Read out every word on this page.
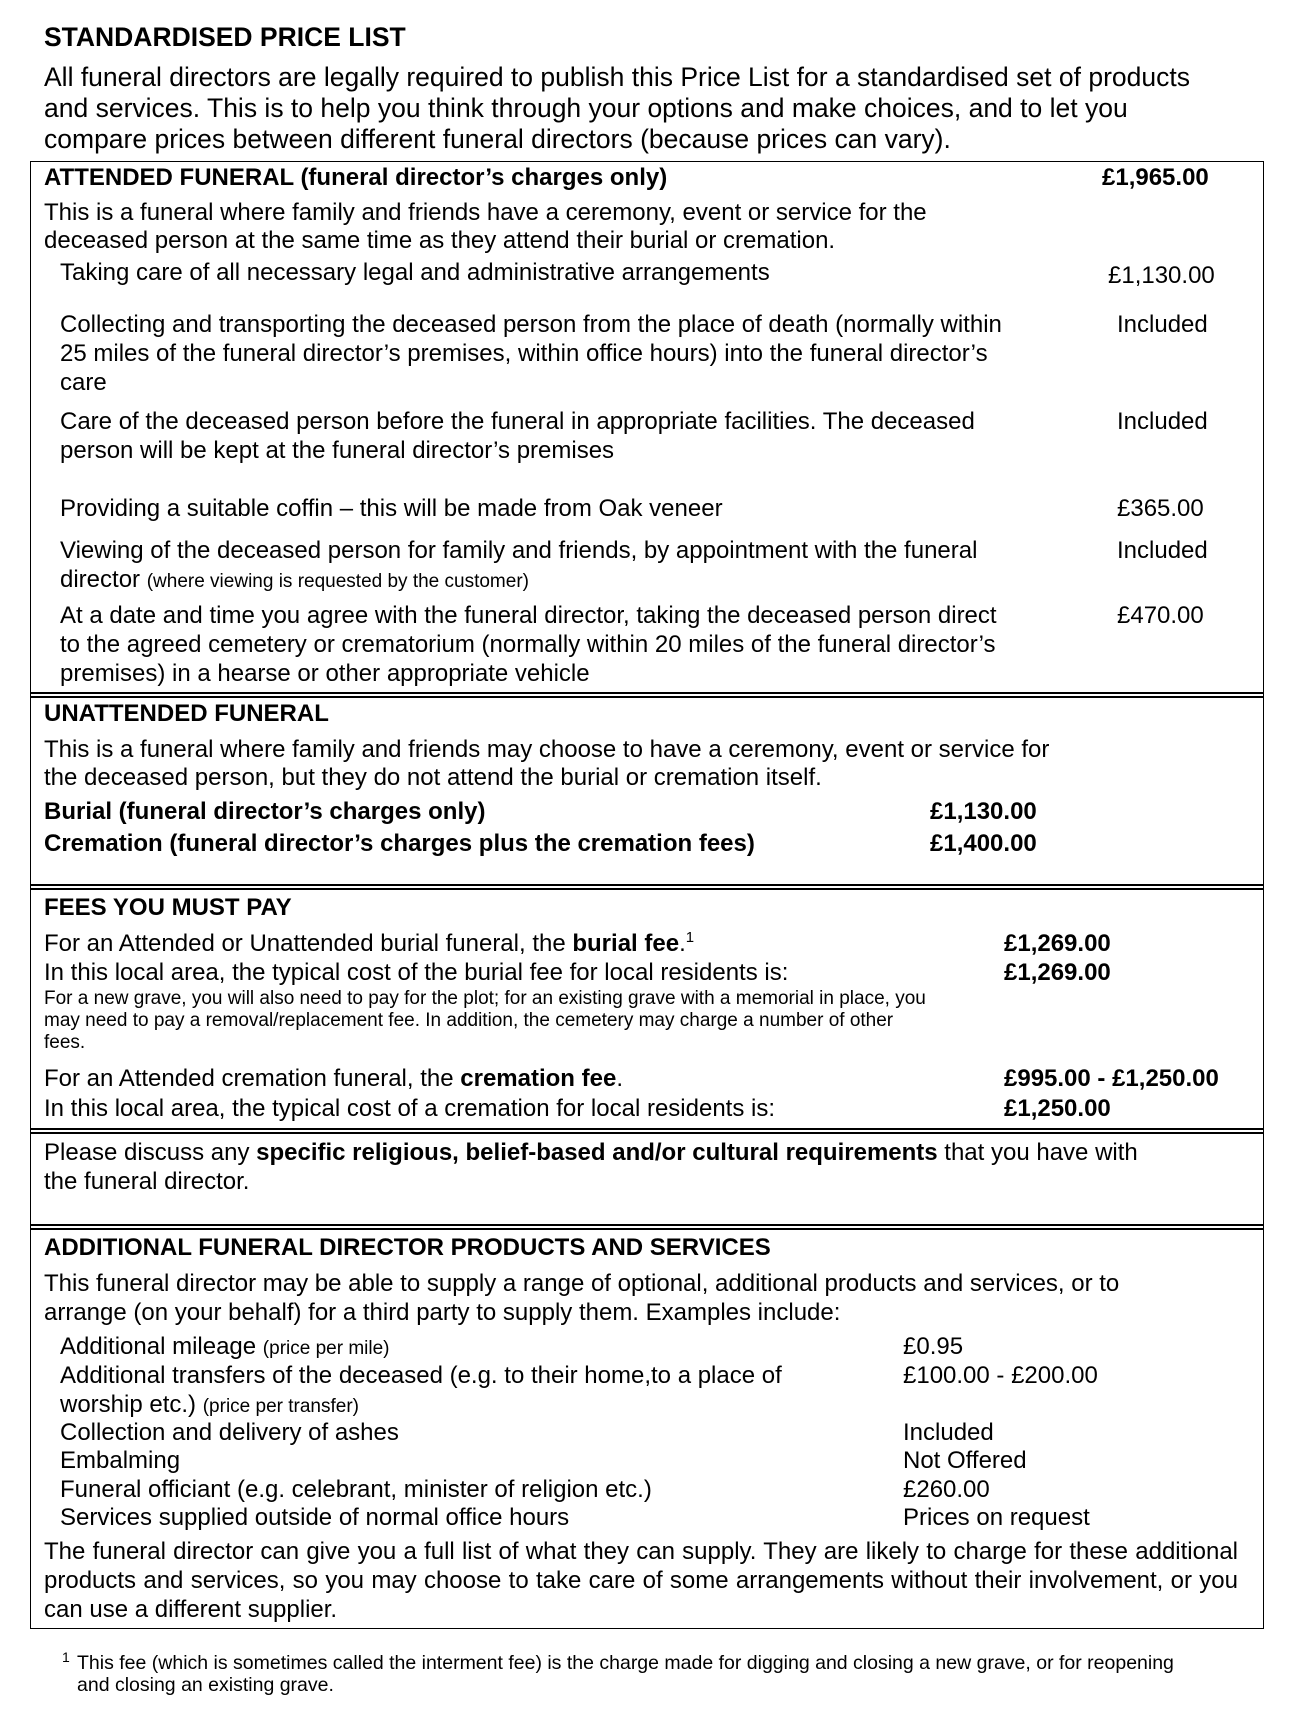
STANDARDISED PRICE LIST
All funeral directors are legally required to publish this Price List for a standardised set of products
and services. This is to help you think through your options and make choices, and to let you
compare prices between different funeral directors (because prices can vary).
ATTENDED FUNERAL (funeral director’s charges only)	£1,965.00
This is a funeral where family and friends have a ceremony, event or service for the
deceased person at the same time as they attend their burial or cremation.
Taking care of all necessary legal and administrative arrangements	£1,130.00
Collecting and transporting the deceased person from the place of death (normally within
25 miles of the funeral director’s premises, within office hours) into the funeral director’s
care
Included
Care of the deceased person before the funeral in appropriate facilities. The deceased
person will be kept at the funeral director’s premises
Included
Providing a suitable coffin – this will be made from Oak veneer	£365.00
Viewing of the deceased person for family and friends, by appointment with the funeral
director (where viewing is requested by the customer)
Included
At a date and time you agree with the funeral director, taking the deceased person direct
to the agreed cemetery or crematorium (normally within 20 miles of the funeral director’s
premises) in a hearse or other appropriate vehicle
£470.00
UNATTENDED FUNERAL
This is a funeral where family and friends may choose to have a ceremony, event or service for
the deceased person, but they do not attend the burial or cremation itself.
Burial (funeral director’s charges only)	£1,130.00
Cremation (funeral director’s charges plus the cremation fees)	£1,400.00
FEES YOU MUST PAY
For an Attended or Unattended burial funeral, the burial fee.$^1$	£1,269.00
In this local area, the typical cost of the burial fee for local residents is:	£1,269.00
For a new grave, you will also need to pay for the plot; for an existing grave with a memorial in place, you
may need to pay a removal/replacement fee. In addition, the cemetery may charge a number of other
fees.
For an Attended cremation funeral, the cremation fee.	£995.00 - £1,250.00
In this local area, the typical cost of a cremation for local residents is:	£1,250.00
Please discuss any specific religious, belief-based and/or cultural requirements that you have with
the funeral director.
ADDITIONAL FUNERAL DIRECTOR PRODUCTS AND SERVICES
This funeral director may be able to supply a range of optional, additional products and services, or to
arrange (on your behalf) for a third party to supply them. Examples include:
Additional mileage (price per mile)	£0.95
Additional transfers of the deceased (e.g. to their home,to a place of
worship etc.) (price per transfer)
£100.00 - £200.00
Collection and delivery of ashes	Included
Embalming	Not Offered
Funeral officiant (e.g. celebrant, minister of religion etc.)	£260.00
Services supplied outside of normal office hours	Prices on request
The funeral director can give you a full list of what they can supply. They are likely to charge for these additional products and services, so you may choose to take care of some arrangements without their involvement, or you can use a different supplier.
1 This fee (which is sometimes called the interment fee) is the charge made for digging and closing a new grave, or for reopening
and closing an existing grave.
